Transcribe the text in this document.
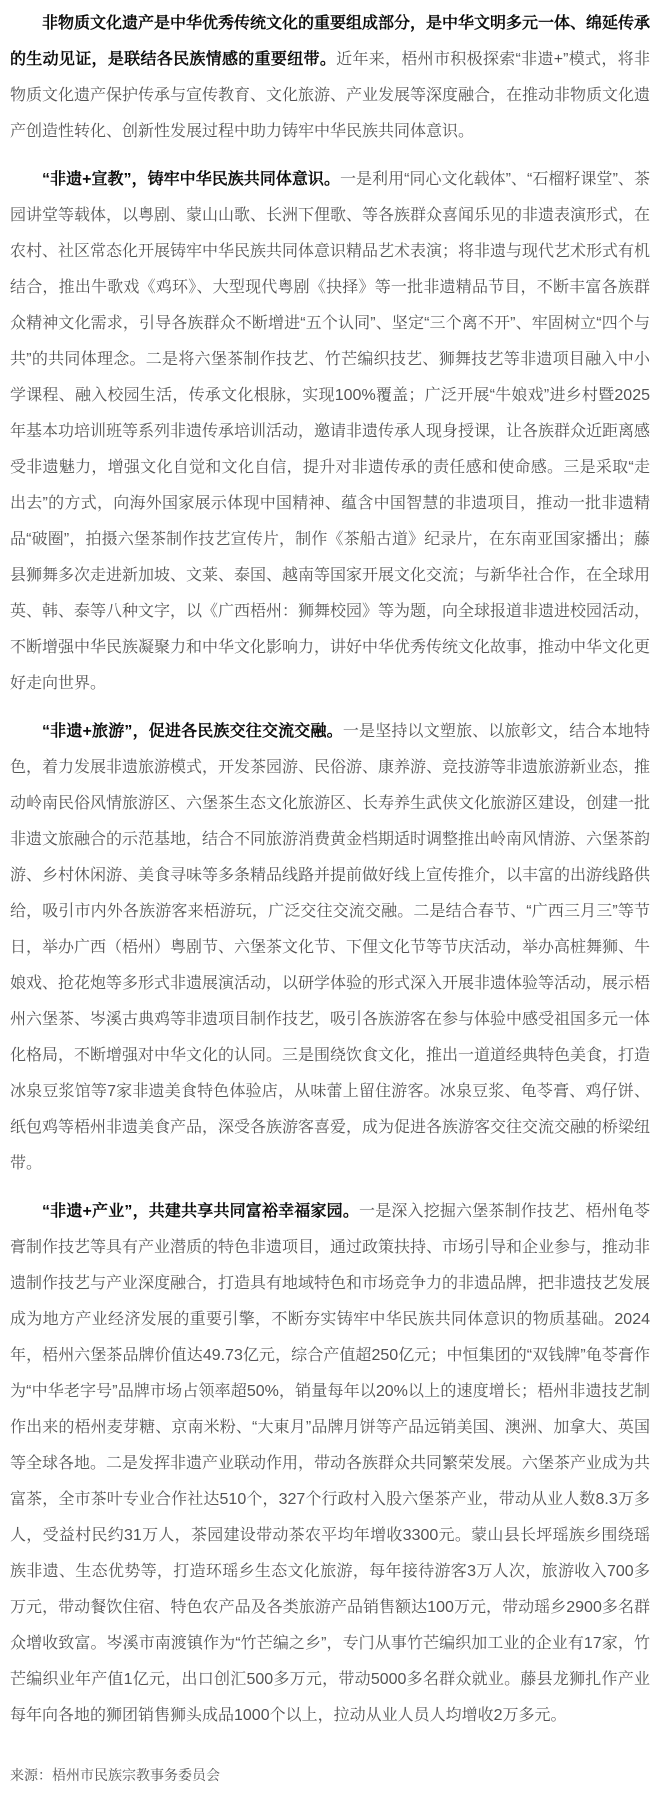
非物质文化遗产是中华优秀传统文化的重要组成部分，是中华文明多元一体、绵延传承的生动见证，是联结各民族情感的重要纽带。近年来，梧州市积极探索“非遗+”模式，将非物质文化遗产保护传承与宣传教育、文化旅游、产业发展等深度融合，在推动非物质文化遗产创造性转化、创新性发展过程中助力铸牢中华民族共同体意识。

“非遗+宣教”，铸牢中华民族共同体意识。一是利用“同心文化载体”、“石榴籽课堂”、茶园讲堂等载体，以粤剧、蒙山山歌、长洲下俚歌、等各族群众喜闻乐见的非遗表演形式，在农村、社区常态化开展铸牢中华民族共同体意识精品艺术表演；将非遗与现代艺术形式有机结合，推出牛歌戏《鸡环》、大型现代粤剧《抉择》等一批非遗精品节目，不断丰富各族群众精神文化需求，引导各族群众不断增进“五个认同”、坚定“三个离不开”、牢固树立“四个与共”的共同体理念。二是将六堡茶制作技艺、竹芒编织技艺、狮舞技艺等非遗项目融入中小学课程、融入校园生活，传承文化根脉，实现100%覆盖；广泛开展“牛娘戏”进乡村暨2025年基本功培训班等系列非遗传承培训活动，邀请非遗传承人现身授课，让各族群众近距离感受非遗魅力，增强文化自觉和文化自信，提升对非遗传承的责任感和使命感。三是采取“走出去”的方式，向海外国家展示体现中国精神、蕴含中国智慧的非遗项目，推动一批非遗精品“破圈”，拍摄六堡茶制作技艺宣传片，制作《茶船古道》纪录片，在东南亚国家播出；藤县狮舞多次走进新加坡、文莱、泰国、越南等国家开展文化交流；与新华社合作，在全球用英、韩、泰等八种文字，以《广西梧州：狮舞校园》等为题，向全球报道非遗进校园活动，不断增强中华民族凝聚力和中华文化影响力，讲好中华优秀传统文化故事，推动中华文化更好走向世界。

“非遗+旅游”，促进各民族交往交流交融。一是坚持以文塑旅、以旅彰文，结合本地特色，着力发展非遗旅游模式，开发茶园游、民俗游、康养游、竞技游等非遗旅游新业态，推动岭南民俗风情旅游区、六堡茶生态文化旅游区、长寿养生武侠文化旅游区建设，创建一批非遗文旅融合的示范基地，结合不同旅游消费黄金档期适时调整推出岭南风情游、六堡茶韵游、乡村休闲游、美食寻味等多条精品线路并提前做好线上宣传推介，以丰富的出游线路供给，吸引市内外各族游客来梧游玩，广泛交往交流交融。二是结合春节、“广西三月三”等节日，举办广西（梧州）粤剧节、六堡茶文化节、下俚文化节等节庆活动，举办高桩舞狮、牛娘戏、抢花炮等多形式非遗展演活动，以研学体验的形式深入开展非遗体验等活动，展示梧州六堡茶、岑溪古典鸡等非遗项目制作技艺，吸引各族游客在参与体验中感受祖国多元一体化格局，不断增强对中华文化的认同。三是围绕饮食文化，推出一道道经典特色美食，打造冰泉豆浆馆等7家非遗美食特色体验店，从味蕾上留住游客。冰泉豆浆、龟苓膏、鸡仔饼、纸包鸡等梧州非遗美食产品，深受各族游客喜爱，成为促进各族游客交往交流交融的桥梁纽带。

“非遗+产业”，共建共享共同富裕幸福家园。一是深入挖掘六堡茶制作技艺、梧州龟苓膏制作技艺等具有产业潜质的特色非遗项目，通过政策扶持、市场引导和企业参与，推动非遗制作技艺与产业深度融合，打造具有地域特色和市场竞争力的非遗品牌，把非遗技艺发展成为地方产业经济发展的重要引擎，不断夯实铸牢中华民族共同体意识的物质基础。2024年，梧州六堡茶品牌价值达49.73亿元，综合产值超250亿元；中恒集团的“双钱牌”龟苓膏作为“中华老字号”品牌市场占领率超50%，销量每年以20%以上的速度增长；梧州非遗技艺制作出来的梧州麦芽糖、京南米粉、“大東月”品牌月饼等产品远销美国、澳洲、加拿大、英国等全球各地。二是发挥非遗产业联动作用，带动各族群众共同繁荣发展。六堡茶产业成为共富茶，全市茶叶专业合作社达510个，327个行政村入股六堡茶产业，带动从业人数8.3万多人，受益村民约31万人，茶园建设带动茶农平均年增收3300元。蒙山县长坪瑶族乡围绕瑶族非遗、生态优势等，打造环瑶乡生态文化旅游，每年接待游客3万人次，旅游收入700多万元，带动餐饮住宿、特色农产品及各类旅游产品销售额达100万元，带动瑶乡2900多名群众增收致富。岑溪市南渡镇作为“竹芒编之乡”，专门从事竹芒编织加工业的企业有17家，竹芒编织业年产值1亿元，出口创汇500多万元，带动5000多名群众就业。藤县龙狮扎作产业每年向各地的狮团销售狮头成品1000个以上，拉动从业人员人均增收2万多元。

来源：梧州市民族宗教事务委员会
